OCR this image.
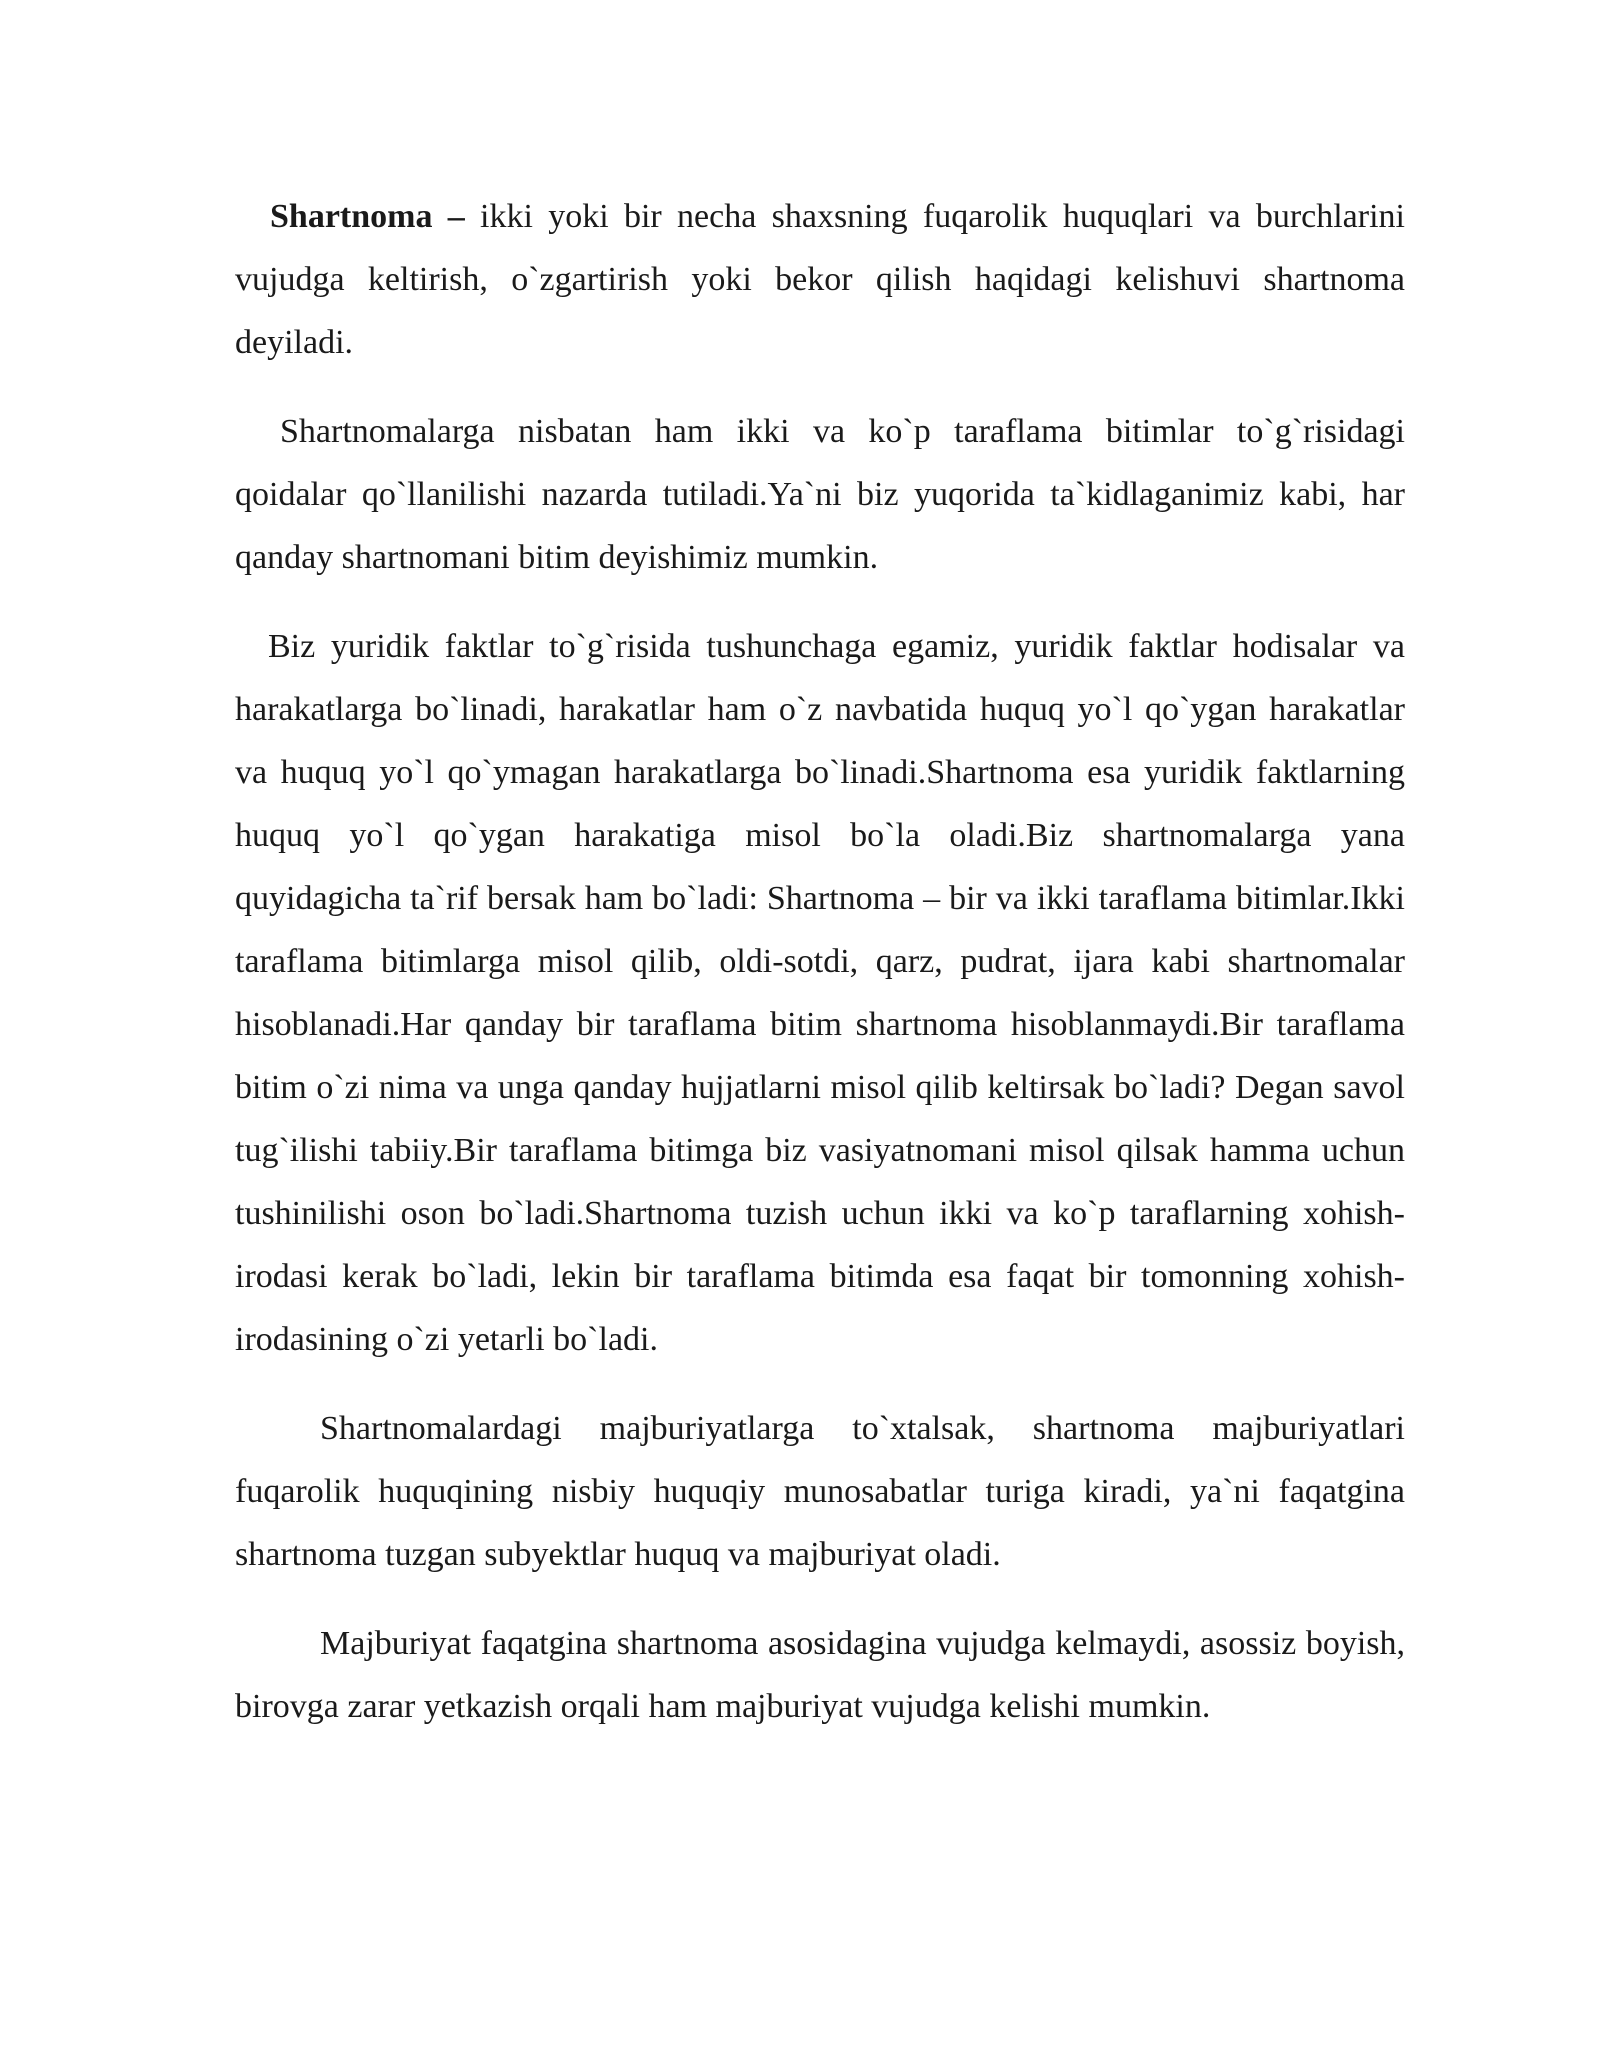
Shartnoma – ikki yoki bir necha shaxsning fuqarolik huquqlari va burchlarini vujudga keltirish, o`zgartirish yoki bekor qilish haqidagi kelishuvi shartnoma deyiladi.

Shartnomalarga nisbatan ham ikki va ko`p taraflama bitimlar to`g`risidagi qoidalar qo`llanilishi nazarda tutiladi.Ya`ni biz yuqorida ta`kidlaganimiz kabi, har qanday shartnomani bitim deyishimiz mumkin.

Biz yuridik faktlar to`g`risida tushunchaga egamiz, yuridik faktlar hodisalar va harakatlarga bo`linadi, harakatlar ham o`z navbatida huquq yo`l qo`ygan harakatlar va huquq yo`l qo`ymagan harakatlarga bo`linadi.Shartnoma esa yuridik faktlarning huquq yo`l qo`ygan harakatiga misol bo`la oladi.Biz shartnomalarga yana quyidagicha ta`rif bersak ham bo`ladi: Shartnoma – bir va ikki taraflama bitimlar.Ikki taraflama bitimlarga misol qilib, oldi-sotdi, qarz, pudrat, ijara kabi shartnomalar hisoblanadi.Har qanday bir taraflama bitim shartnoma hisoblanmaydi.Bir taraflama bitim o`zi nima va unga qanday hujjatlarni misol qilib keltirsak bo`ladi? Degan savol tug`ilishi tabiiy.Bir taraflama bitimga biz vasiyatnomani misol qilsak hamma uchun tushinilishi oson bo`ladi.Shartnoma tuzish uchun ikki va ko`p taraflarning xohish-irodasi kerak bo`ladi, lekin bir taraflama bitimda esa faqat bir tomonning xohish-irodasining o`zi yetarli bo`ladi.

Shartnomalardagi majburiyatlarga to`xtalsak, shartnoma majburiyatlari fuqarolik huquqining nisbiy huquqiy munosabatlar turiga kiradi, ya`ni faqatgina shartnoma tuzgan subyektlar huquq va majburiyat oladi.

Majburiyat faqatgina shartnoma asosidagina vujudga kelmaydi, asossiz boyish, birovga zarar yetkazish orqali ham majburiyat vujudga kelishi mumkin.
